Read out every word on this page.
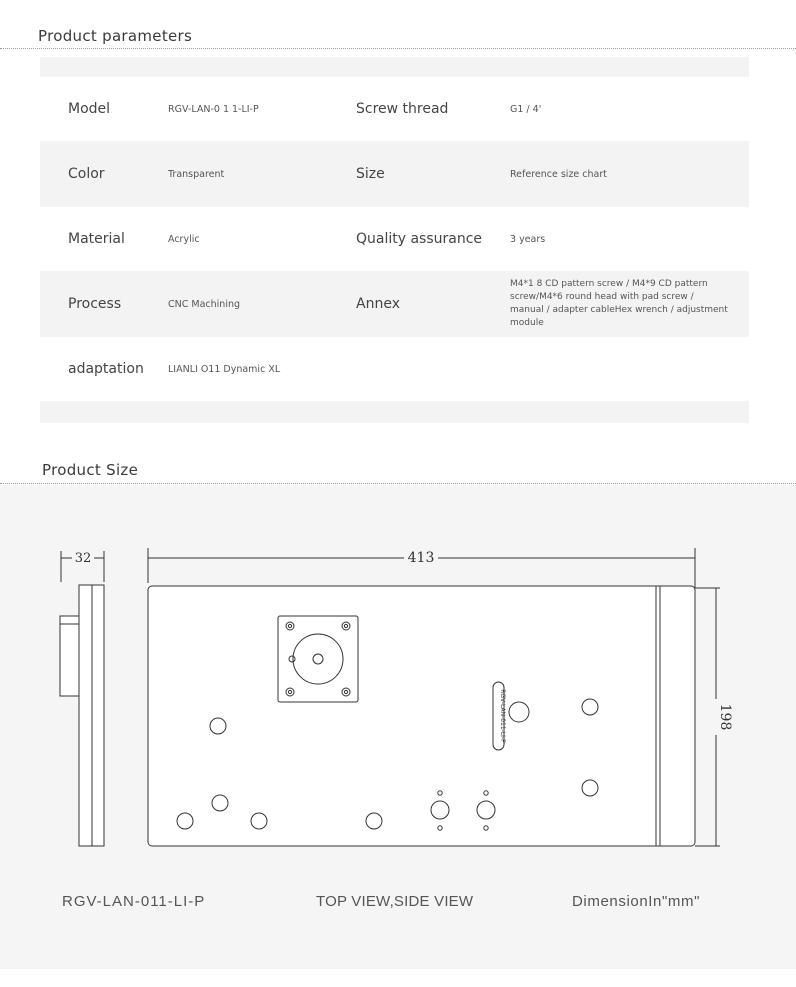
Product parameters
Model	RGV-LAN-0 1 1-LI-P	Screw thread	G1 / 4'
Color	Transparent	Size	Reference size chart
Material	Acrylic	Quality assurance	3 years
Process	CNC Machining	Annex
M4*1 8 CD pattern screw / M4*9 CD pattern
screw/M4*6 round head with pad screw /
manual / adapter cableHex wrench / adjustment
module
adaptation	LIANLI O11 Dynamic XL
Product Size
32	413
198
RGV-LAN-011-LI-P
RGV-LAN-011-LI-P	TOP VIEW,SIDE VIEW	DimensionIn"mm"
